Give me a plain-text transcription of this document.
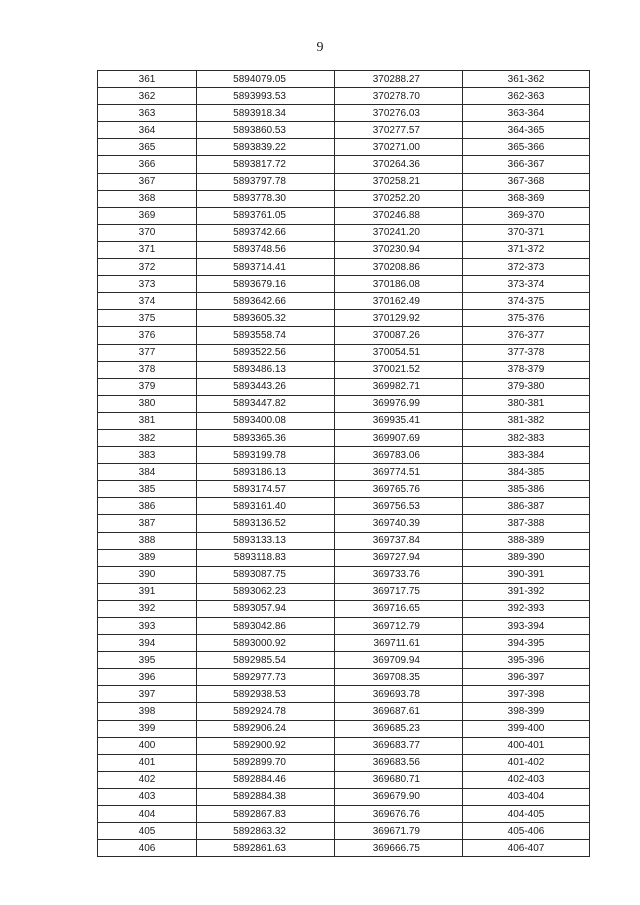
9
361	5894079.05	370288.27	361-362
362	5893993.53	370278.70	362-363
363	5893918.34	370276.03	363-364
364	5893860.53	370277.57	364-365
365	5893839.22	370271.00	365-366
366	5893817.72	370264.36	366-367
367	5893797.78	370258.21	367-368
368	5893778.30	370252.20	368-369
369	5893761.05	370246.88	369-370
370	5893742.66	370241.20	370-371
371	5893748.56	370230.94	371-372
372	5893714.41	370208.86	372-373
373	5893679.16	370186.08	373-374
374	5893642.66	370162.49	374-375
375	5893605.32	370129.92	375-376
376	5893558.74	370087.26	376-377
377	5893522.56	370054.51	377-378
378	5893486.13	370021.52	378-379
379	5893443.26	369982.71	379-380
380	5893447.82	369976.99	380-381
381	5893400.08	369935.41	381-382
382	5893365.36	369907.69	382-383
383	5893199.78	369783.06	383-384
384	5893186.13	369774.51	384-385
385	5893174.57	369765.76	385-386
386	5893161.40	369756.53	386-387
387	5893136.52	369740.39	387-388
388	5893133.13	369737.84	388-389
389	5893118.83	369727.94	389-390
390	5893087.75	369733.76	390-391
391	5893062.23	369717.75	391-392
392	5893057.94	369716.65	392-393
393	5893042.86	369712.79	393-394
394	5893000.92	369711.61	394-395
395	5892985.54	369709.94	395-396
396	5892977.73	369708.35	396-397
397	5892938.53	369693.78	397-398
398	5892924.78	369687.61	398-399
399	5892906.24	369685.23	399-400
400	5892900.92	369683.77	400-401
401	5892899.70	369683.56	401-402
402	5892884.46	369680.71	402-403
403	5892884.38	369679.90	403-404
404	5892867.83	369676.76	404-405
405	5892863.32	369671.79	405-406
406	5892861.63	369666.75	406-407
